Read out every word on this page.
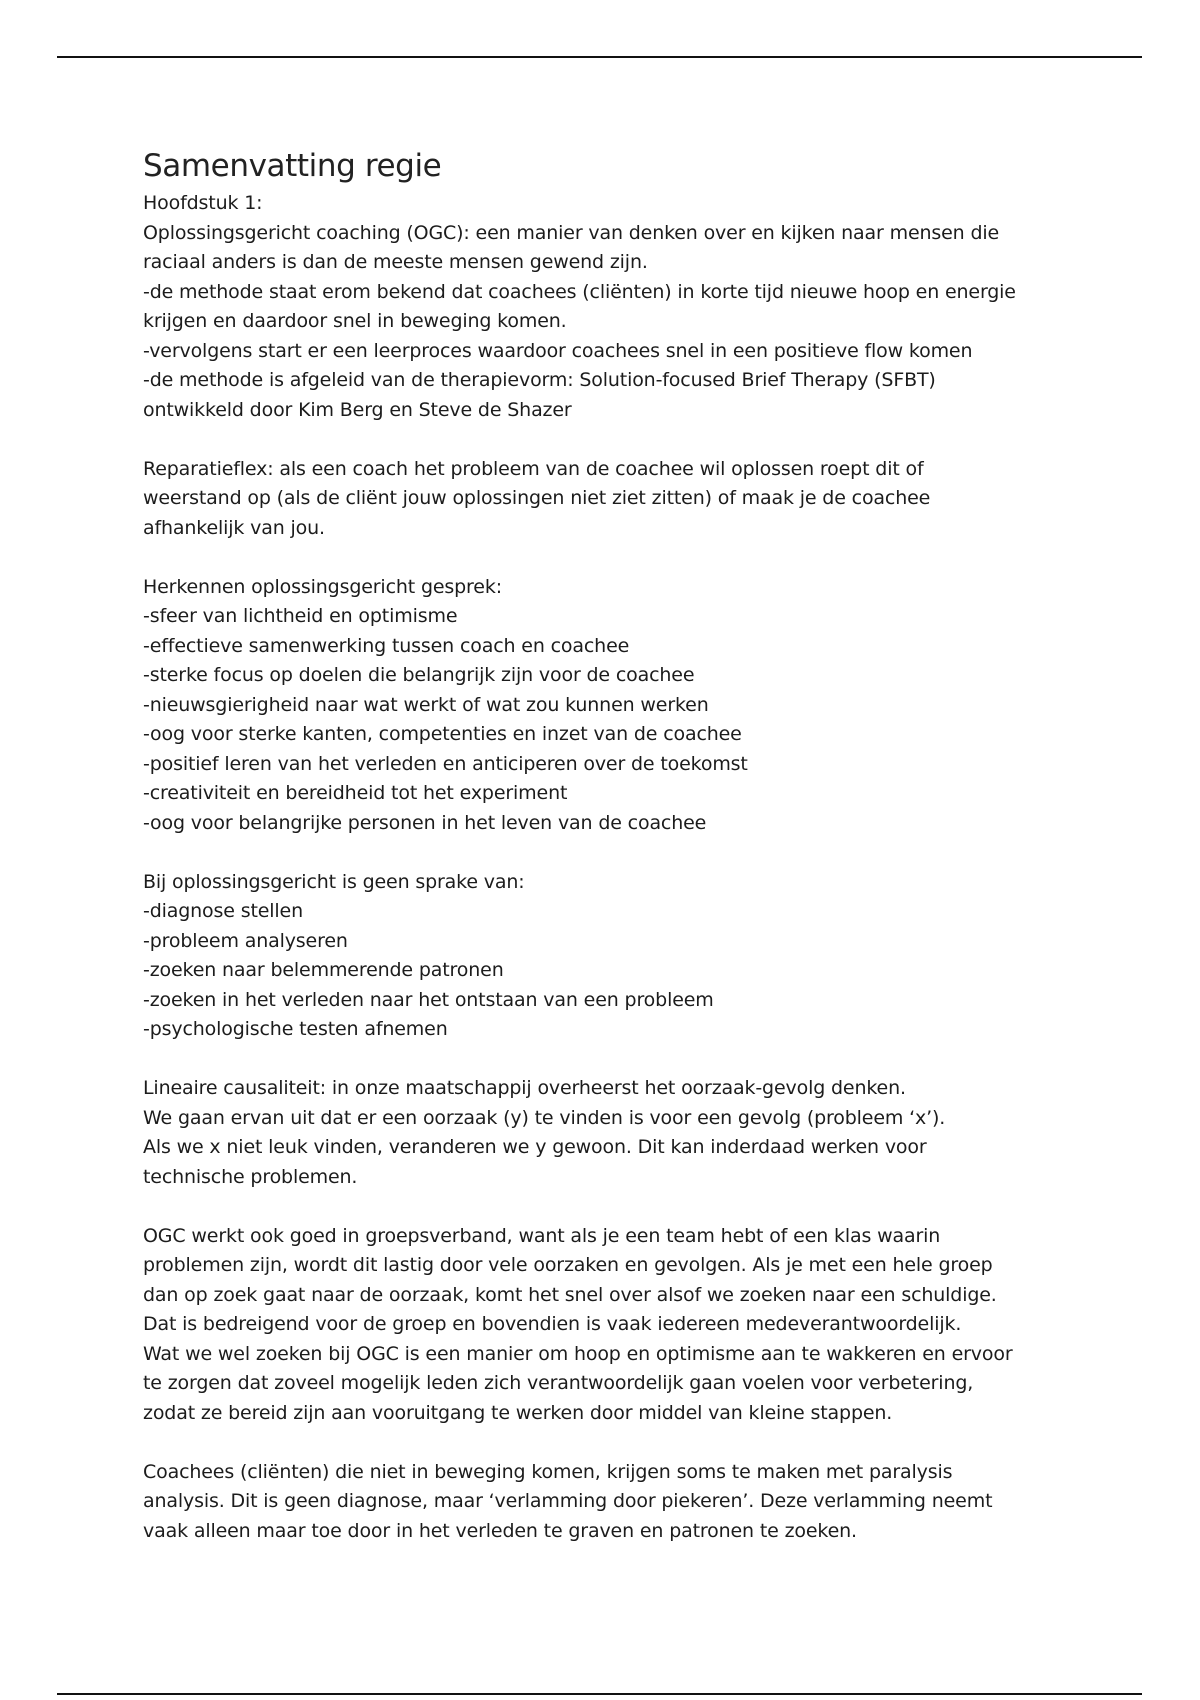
Samenvatting regie
Hoofdstuk 1:
Oplossingsgericht coaching (OGC): een manier van denken over en kijken naar mensen die
raciaal anders is dan de meeste mensen gewend zijn.
-de methode staat erom bekend dat coachees (cliënten) in korte tijd nieuwe hoop en energie
krijgen en daardoor snel in beweging komen.
-vervolgens start er een leerproces waardoor coachees snel in een positieve flow komen
-de methode is afgeleid van de therapievorm: Solution-focused Brief Therapy (SFBT)
ontwikkeld door Kim Berg en Steve de Shazer
Reparatieflex: als een coach het probleem van de coachee wil oplossen roept dit of
weerstand op (als de cliënt jouw oplossingen niet ziet zitten) of maak je de coachee
afhankelijk van jou.
Herkennen oplossingsgericht gesprek:
-sfeer van lichtheid en optimisme
-effectieve samenwerking tussen coach en coachee
-sterke focus op doelen die belangrijk zijn voor de coachee
-nieuwsgierigheid naar wat werkt of wat zou kunnen werken
-oog voor sterke kanten, competenties en inzet van de coachee
-positief leren van het verleden en anticiperen over de toekomst
-creativiteit en bereidheid tot het experiment
-oog voor belangrijke personen in het leven van de coachee
Bij oplossingsgericht is geen sprake van:
-diagnose stellen
-probleem analyseren
-zoeken naar belemmerende patronen
-zoeken in het verleden naar het ontstaan van een probleem
-psychologische testen afnemen
Lineaire causaliteit: in onze maatschappij overheerst het oorzaak-gevolg denken.
We gaan ervan uit dat er een oorzaak (y) te vinden is voor een gevolg (probleem ‘x’).
Als we x niet leuk vinden, veranderen we y gewoon. Dit kan inderdaad werken voor
technische problemen.
OGC werkt ook goed in groepsverband, want als je een team hebt of een klas waarin
problemen zijn, wordt dit lastig door vele oorzaken en gevolgen. Als je met een hele groep
dan op zoek gaat naar de oorzaak, komt het snel over alsof we zoeken naar een schuldige.
Dat is bedreigend voor de groep en bovendien is vaak iedereen medeverantwoordelijk.
Wat we wel zoeken bij OGC is een manier om hoop en optimisme aan te wakkeren en ervoor
te zorgen dat zoveel mogelijk leden zich verantwoordelijk gaan voelen voor verbetering,
zodat ze bereid zijn aan vooruitgang te werken door middel van kleine stappen.
Coachees (cliënten) die niet in beweging komen, krijgen soms te maken met paralysis
analysis. Dit is geen diagnose, maar ‘verlamming door piekeren’. Deze verlamming neemt
vaak alleen maar toe door in het verleden te graven en patronen te zoeken.
